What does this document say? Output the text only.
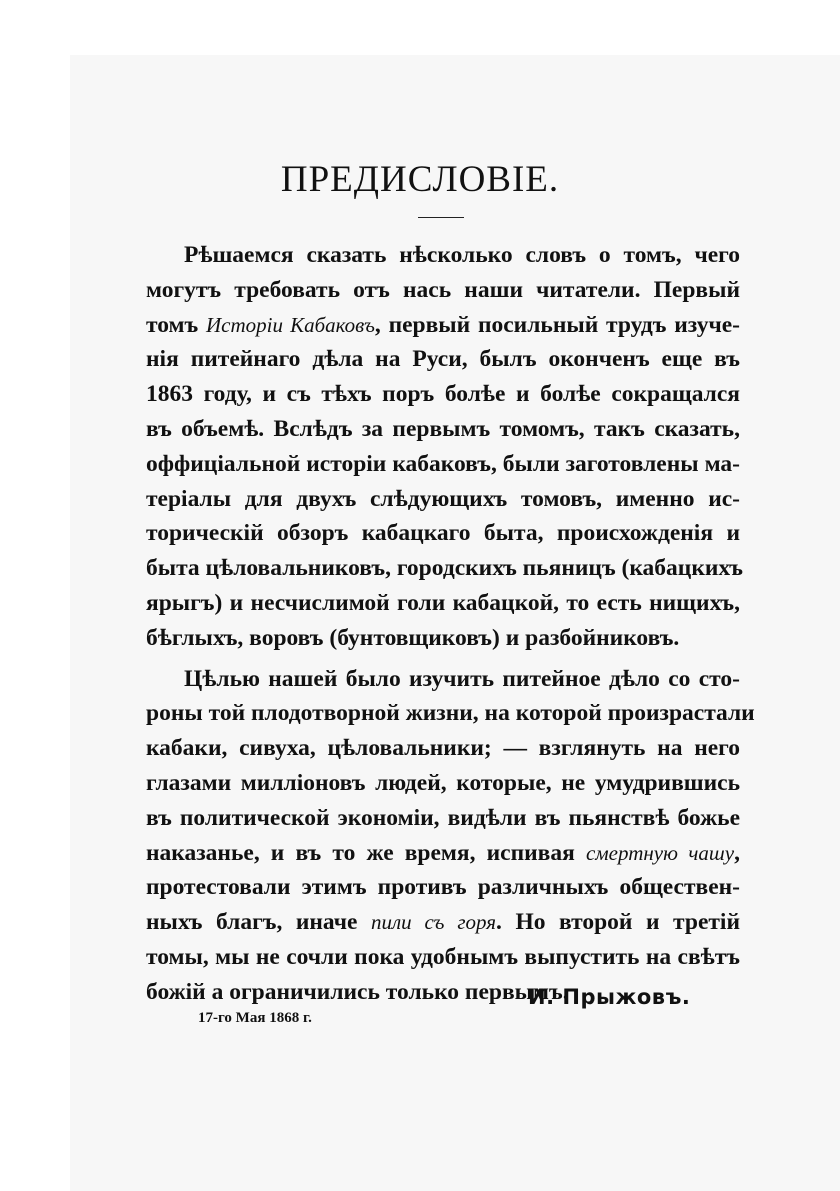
ПРЕДИСЛОВІЕ.
Рѣшаемся сказать нѣсколько словъ о томъ, чего
могутъ требовать отъ нась наши читатели. Первый
томъ Исторіи Кабаковъ, первый посильный трудъ изуче-
нія питейнаго дѣла на Руси, былъ оконченъ еще въ
1863 году, и съ тѣхъ поръ болѣе и болѣе сокращался
въ объемѣ. Вслѣдъ за первымъ томомъ, такъ сказать,
оффиціальной исторіи кабаковъ, были заготовлены ма-
теріалы для двухъ слѣдующихъ томовъ, именно ис-
торическій обзоръ кабацкаго быта, происхожденія и
быта цѣловальниковъ, городскихъ пьяницъ (кабацкихъ
ярыгъ) и несчислимой голи кабацкой, то есть нищихъ,
бѣглыхъ, воровъ (бунтовщиковъ) и разбойниковъ.
Цѣлью нашей было изучить питейное дѣло со сто-
роны той плодотворной жизни, на которой произрастали
кабаки, сивуха, цѣловальники; — взглянуть на него
глазами милліоновъ людей, которые, не умудрившись
въ политической экономіи, видѣли въ пьянствѣ божье
наказанье, и въ то же время, испивая смертную чашу,
протестовали этимъ противъ различныхъ обществен-
ныхъ благъ, иначе пили съ горя. Но второй и третій
томы, мы не сочли пока удобнымъ выпустить на свѣтъ
божій а ограничились только первымъ.
И. Прыжовъ.
17-го Мая 1868 г.
